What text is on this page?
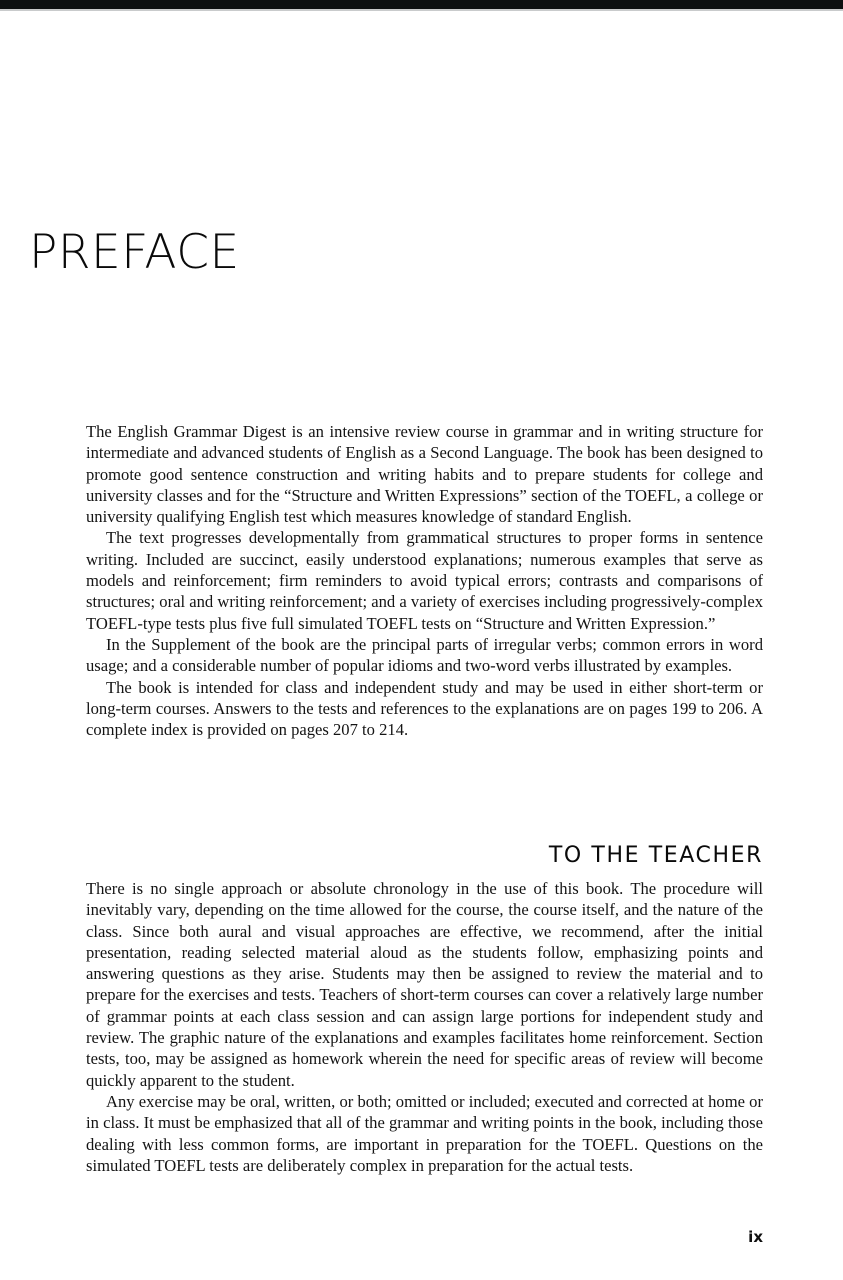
PREFACE

The English Grammar Digest is an intensive review course in grammar and in writing structure for intermediate and advanced students of English as a Second Language. The book has been designed to promote good sentence construction and writing habits and to prepare students for college and university classes and for the “Structure and Written Expressions” section of the TOEFL, a college or university qualifying English test which measures knowledge of standard English.

The text progresses developmentally from grammatical structures to proper forms in sentence writing. Included are succinct, easily understood explanations; numerous examples that serve as models and reinforcement; firm reminders to avoid typical errors; contrasts and comparisons of structures; oral and writing reinforcement; and a variety of exercises including progressively-complex TOEFL-type tests plus five full simulated TOEFL tests on “Structure and Written Expression.”

In the Supplement of the book are the principal parts of irregular verbs; common errors in word usage; and a considerable number of popular idioms and two-word verbs illustrated by examples.

The book is intended for class and independent study and may be used in either short-term or long-term courses. Answers to the tests and references to the explanations are on pages 199 to 206. A complete index is provided on pages 207 to 214.

TO THE TEACHER

There is no single approach or absolute chronology in the use of this book. The procedure will inevitably vary, depending on the time allowed for the course, the course itself, and the nature of the class. Since both aural and visual approaches are effective, we recommend, after the initial presentation, reading selected material aloud as the students follow, emphasizing points and answering questions as they arise. Students may then be assigned to review the material and to prepare for the exercises and tests. Teachers of short-term courses can cover a relatively large number of grammar points at each class session and can assign large portions for independent study and review. The graphic nature of the explanations and examples facilitates home reinforcement. Section tests, too, may be assigned as homework wherein the need for specific areas of review will become quickly apparent to the student.

Any exercise may be oral, written, or both; omitted or included; executed and corrected at home or in class. It must be emphasized that all of the grammar and writing points in the book, including those dealing with less common forms, are important in preparation for the TOEFL. Questions on the simulated TOEFL tests are deliberately complex in preparation for the actual tests.

ix
